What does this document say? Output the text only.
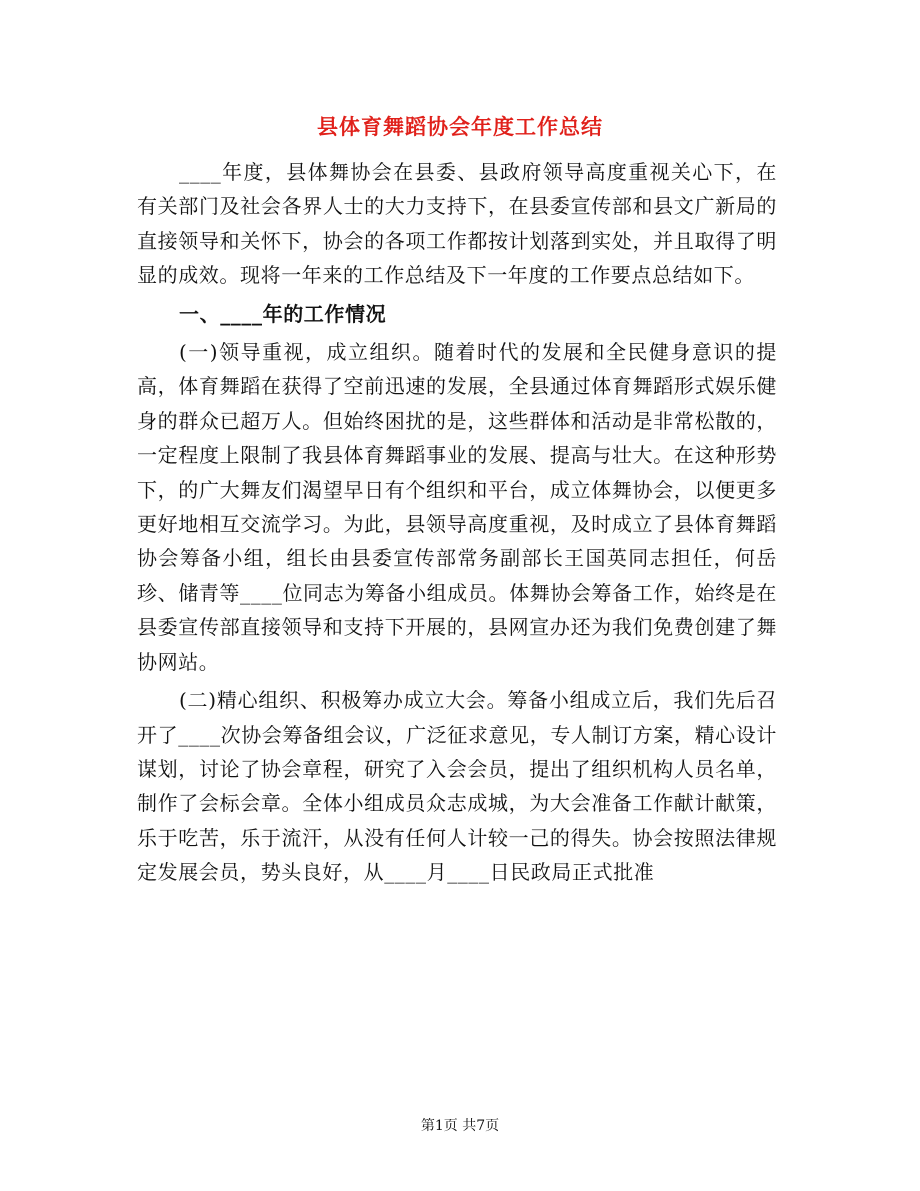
县体育舞蹈协会年度工作总结

____年度，县体舞协会在县委、县政府领导高度重视关心下，在有关部门及社会各界人士的大力支持下，在县委宣传部和县文广新局的直接领导和关怀下，协会的各项工作都按计划落到实处，并且取得了明显的成效。现将一年来的工作总结及下一年度的工作要点总结如下。

一、____年的工作情况

(一)领导重视，成立组织。随着时代的发展和全民健身意识的提高，体育舞蹈在获得了空前迅速的发展，全县通过体育舞蹈形式娱乐健身的群众已超万人。但始终困扰的是，这些群体和活动是非常松散的，一定程度上限制了我县体育舞蹈事业的发展、提高与壮大。在这种形势下，的广大舞友们渴望早日有个组织和平台，成立体舞协会，以便更多更好地相互交流学习。为此，县领导高度重视，及时成立了县体育舞蹈协会筹备小组，组长由县委宣传部常务副部长王国英同志担任，何岳珍、储青等____位同志为筹备小组成员。体舞协会筹备工作，始终是在县委宣传部直接领导和支持下开展的，县网宣办还为我们免费创建了舞协网站。

(二)精心组织、积极筹办成立大会。筹备小组成立后，我们先后召开了____次协会筹备组会议，广泛征求意见，专人制订方案，精心设计谋划，讨论了协会章程，研究了入会会员，提出了组织机构人员名单，制作了会标会章。全体小组成员众志成城，为大会准备工作献计献策，乐于吃苦，乐于流汗，从没有任何人计较一己的得失。协会按照法律规定发展会员，势头良好，从____月____日民政局正式批准

第1页 共7页
